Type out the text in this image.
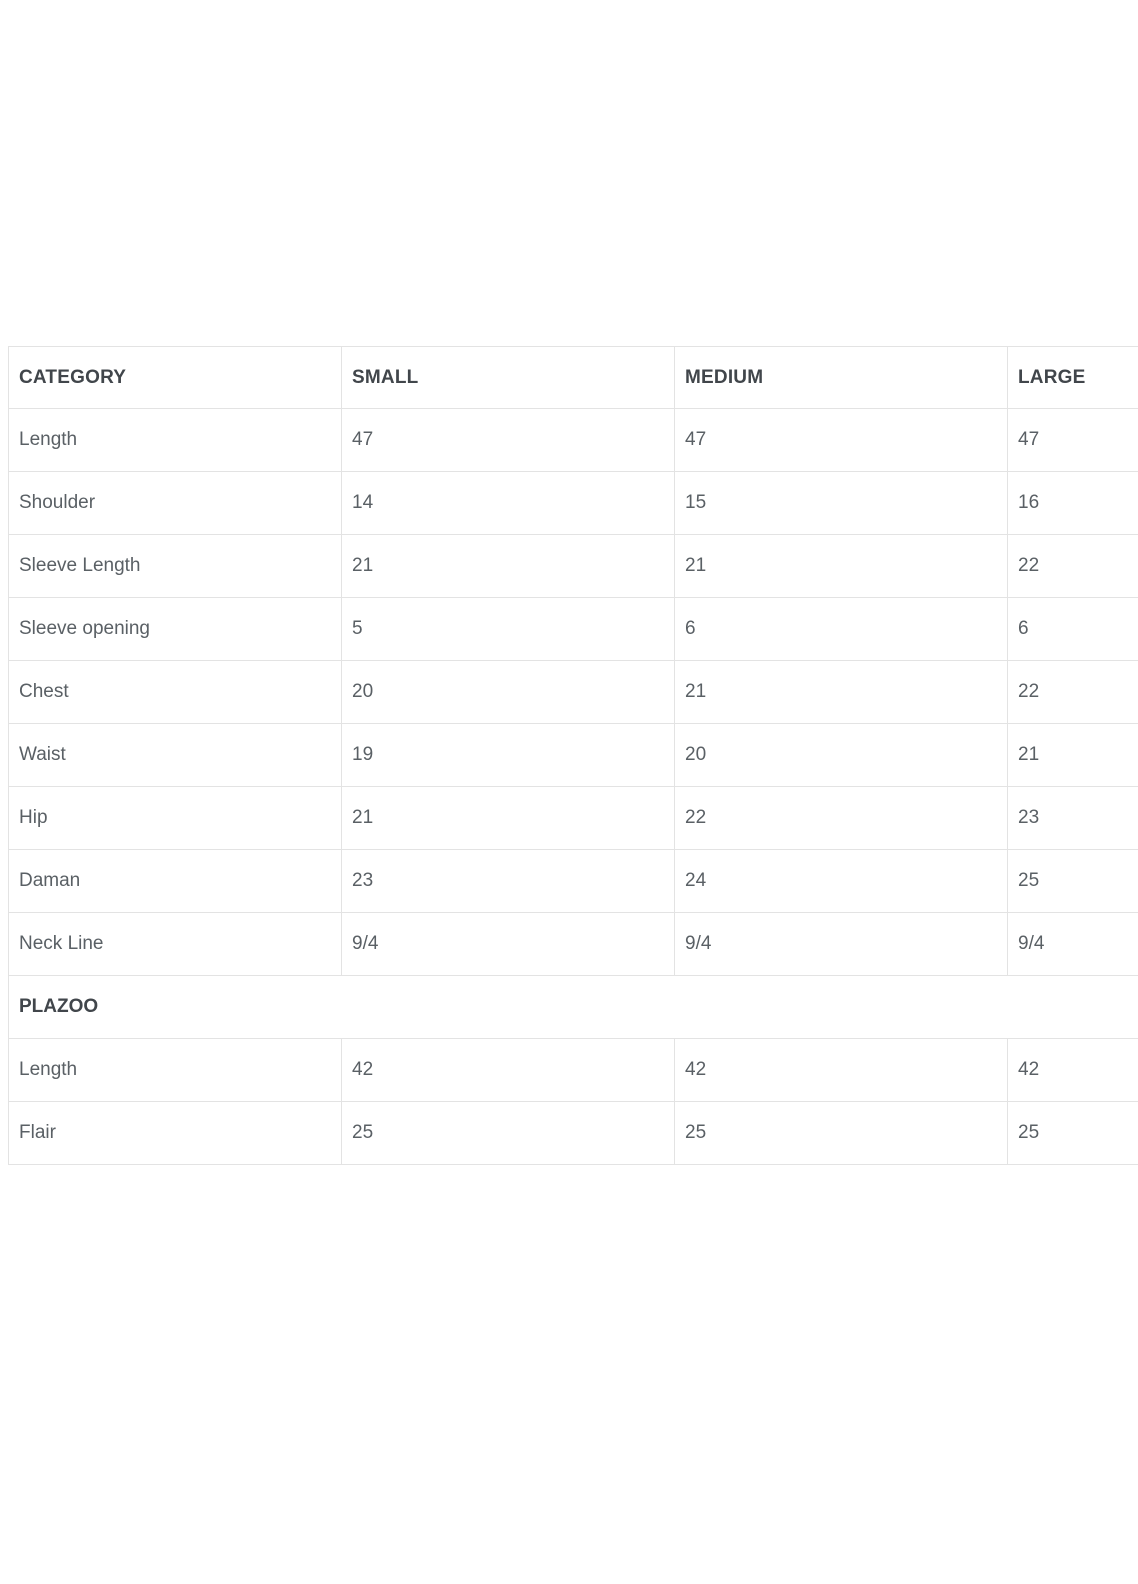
CATEGORY	SMALL	MEDIUM	LARGE
Length	47	47	47
Shoulder	14	15	16
Sleeve Length	21	21	22
Sleeve opening	5	6	6
Chest	20	21	22
Waist	19	20	21
Hip	21	22	23
Daman	23	24	25
Neck Line	9/4	9/4	9/4
PLAZOO			
Length	42	42	42
Flair	25	25	25
